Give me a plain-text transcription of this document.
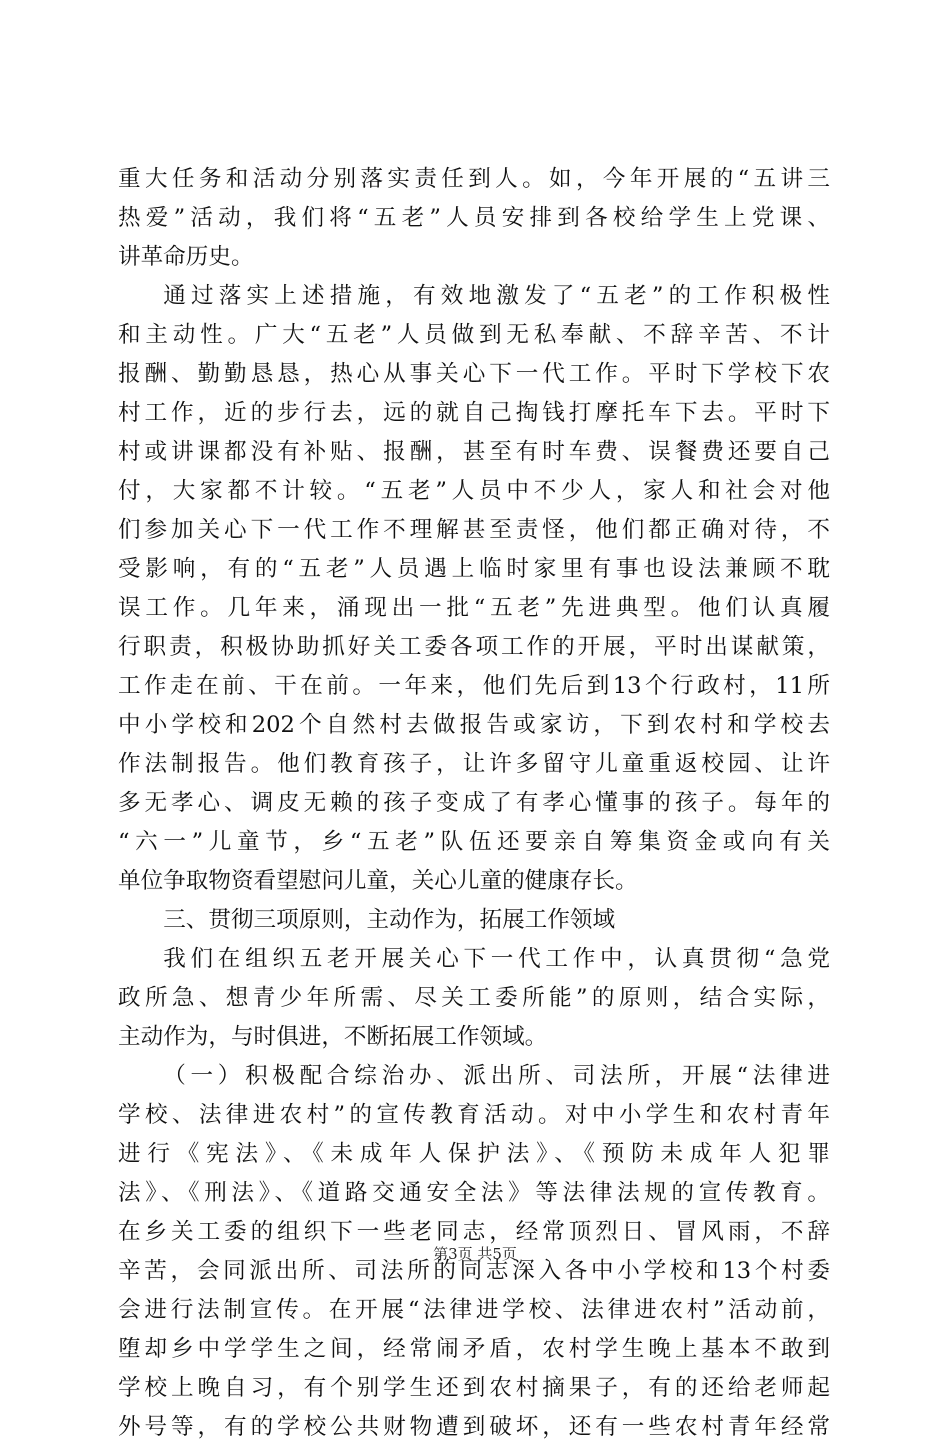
重大任务和活动分别落实责任到人。如，今年开展的“五讲三
热爱”活动，我们将“五老”人员安排到各校给学生上党课、
讲革命历史。
通过落实上述措施，有效地激发了“五老”的工作积极性
和主动性。广大“五老”人员做到无私奉献、不辞辛苦、不计
报酬、勤勤恳恳，热心从事关心下一代工作。平时下学校下农
村工作，近的步行去，远的就自己掏钱打摩托车下去。平时下
村或讲课都没有补贴、报酬，甚至有时车费、误餐费还要自己
付，大家都不计较。“五老”人员中不少人，家人和社会对他
们参加关心下一代工作不理解甚至责怪，他们都正确对待，不
受影响，有的“五老”人员遇上临时家里有事也设法兼顾不耽
误工作。几年来，涌现出一批“五老”先进典型。他们认真履
行职责，积极协助抓好关工委各项工作的开展，平时出谋献策，
工作走在前、干在前。一年来，他们先后到13个行政村，11所
中小学校和202个自然村去做报告或家访，下到农村和学校去
作法制报告。他们教育孩子，让许多留守儿童重返校园、让许
多无孝心、调皮无赖的孩子变成了有孝心懂事的孩子。每年的
“六一”儿童节，乡“五老”队伍还要亲自筹集资金或向有关
单位争取物资看望慰问儿童，关心儿童的健康存长。
三、贯彻三项原则，主动作为，拓展工作领域
我们在组织五老开展关心下一代工作中，认真贯彻“急党
政所急、想青少年所需、尽关工委所能”的原则，结合实际，
主动作为，与时俱进，不断拓展工作领域。
（一）积极配合综治办、派出所、司法所，开展“法律进
学校、法律进农村”的宣传教育活动。对中小学生和农村青年
进行《宪法》、《未成年人保护法》、《预防未成年人犯罪
法》、《刑法》、《道路交通安全法》等法律法规的宣传教育。
在乡关工委的组织下一些老同志，经常顶烈日、冒风雨，不辞
辛苦，会同派出所、司法所的同志深入各中小学校和13个村委
会进行法制宣传。在开展“法律进学校、法律进农村”活动前，
堕却乡中学学生之间，经常闹矛盾，农村学生晚上基本不敢到
学校上晚自习，有个别学生还到农村摘果子，有的还给老师起
外号等，有的学校公共财物遭到破坏，还有一些农村青年经常
第3页 共5页
